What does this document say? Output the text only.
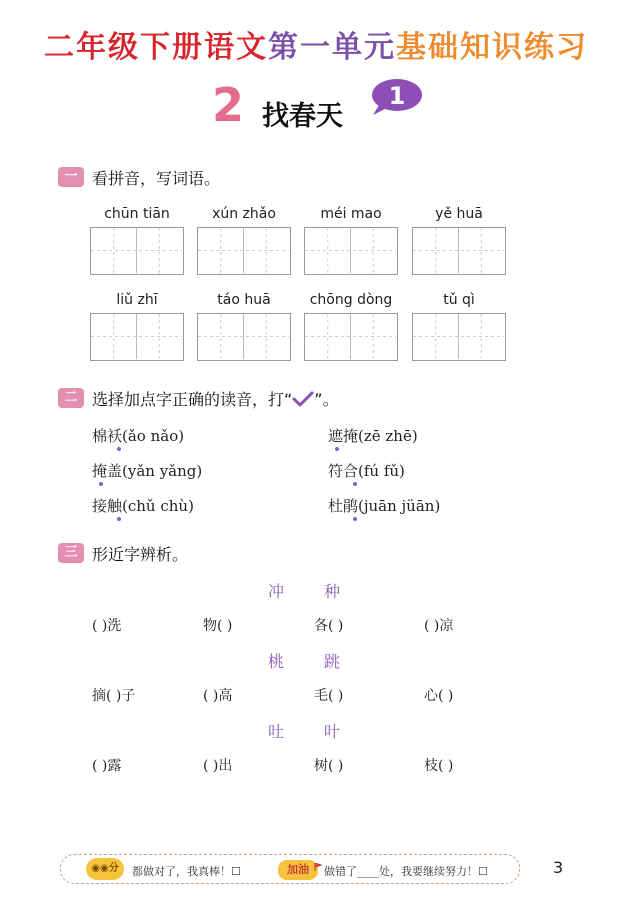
二年级下册语文第一单元基础知识练习
2 找春天
1
一 看拼音，写词语。
chūn tiān	xún zhǎo	méi mao	yě huā
liǔ zhī	táo huā	chōng dòng	tǔ qì
二 选择加点字正确的读音，打“ ”。
棉袄(ǎo nǎo)	遮掩(zē zhē)
掩盖(yǎn yǎng)	符合(fú fǔ)
接触(chǔ chù)	杜鹃(juān jüān)
三 形近字辨析。
冲 种
( )洗	物( )	各( )	( )凉
桃 跳
摘( )子	( )高	毛( )	心( )
吐 叶
( )露	( )出	树( )	枝( )
◉◉分	都做对了，我真棒！☐	加油	做错了____处，我要继续努力！☐	3
